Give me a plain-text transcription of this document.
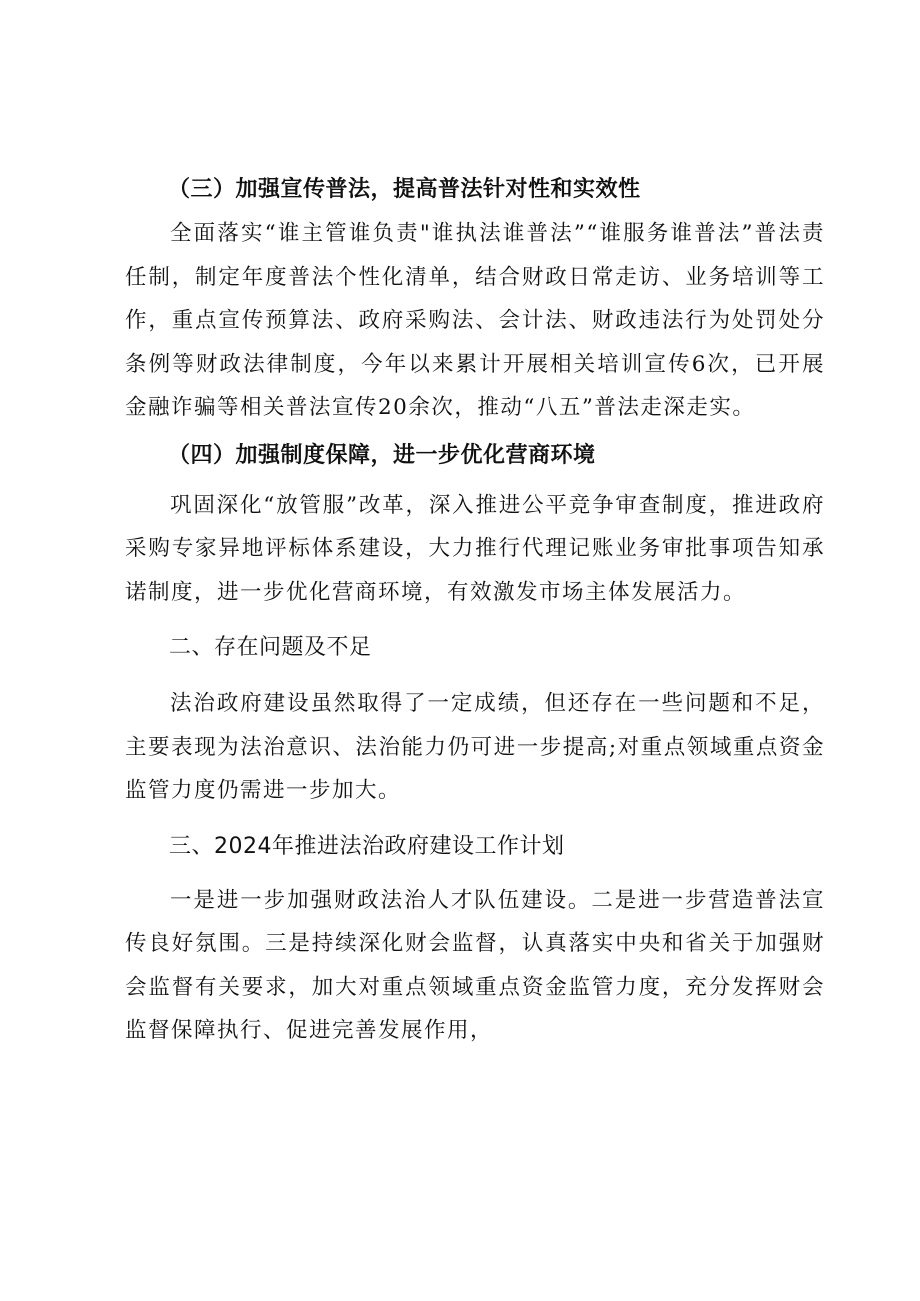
（三）加强宣传普法，提高普法针对性和实效性

全面落实“谁主管谁负责"谁执法谁普法”“谁服务谁普法”普法责任制，制定年度普法个性化清单，结合财政日常走访、业务培训等工作，重点宣传预算法、政府采购法、会计法、财政违法行为处罚处分条例等财政法律制度，今年以来累计开展相关培训宣传6次，已开展金融诈骗等相关普法宣传20余次，推动“八五”普法走深走实。

（四）加强制度保障，进一步优化营商环境

巩固深化“放管服”改革，深入推进公平竞争审查制度，推进政府采购专家异地评标体系建设，大力推行代理记账业务审批事项告知承诺制度，进一步优化营商环境，有效激发市场主体发展活力。

二、存在问题及不足

法治政府建设虽然取得了一定成绩，但还存在一些问题和不足，主要表现为法治意识、法治能力仍可进一步提高;对重点领域重点资金监管力度仍需进一步加大。

三、2024年推进法治政府建设工作计划

一是进一步加强财政法治人才队伍建设。二是进一步营造普法宣传良好氛围。三是持续深化财会监督，认真落实中央和省关于加强财会监督有关要求，加大对重点领域重点资金监管力度，充分发挥财会监督保障执行、促进完善发展作用，
